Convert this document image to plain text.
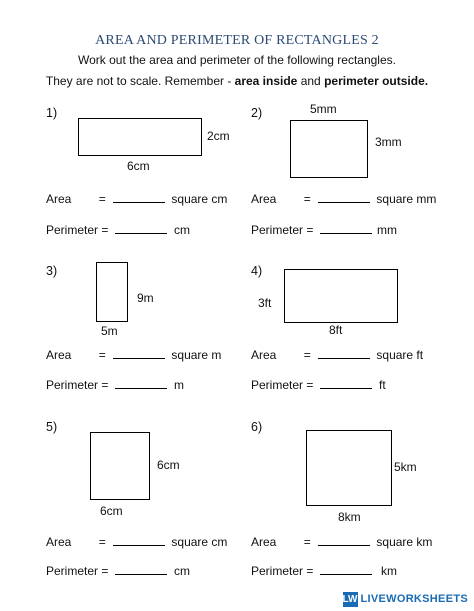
AREA AND PERIMETER OF RECTANGLES 2
Work out the area and perimeter of the following rectangles.
They are not to scale. Remember - area inside and perimeter outside.
1)
2cm
6cm
Area =	square cm
Perimeter =	cm
2)	5mm
3mm
Area =	square mm
Perimeter =	mm
3)
9m
5m
Area =	square m
Perimeter =	m
4)
3ft
8ft
Area =	square ft
Perimeter =	ft
5)
6cm
6cm
Area =	square cm
Perimeter =	cm
6)
5km
8km
Area =	square km
Perimeter =	km
LW LIVEWORKSHEETS
